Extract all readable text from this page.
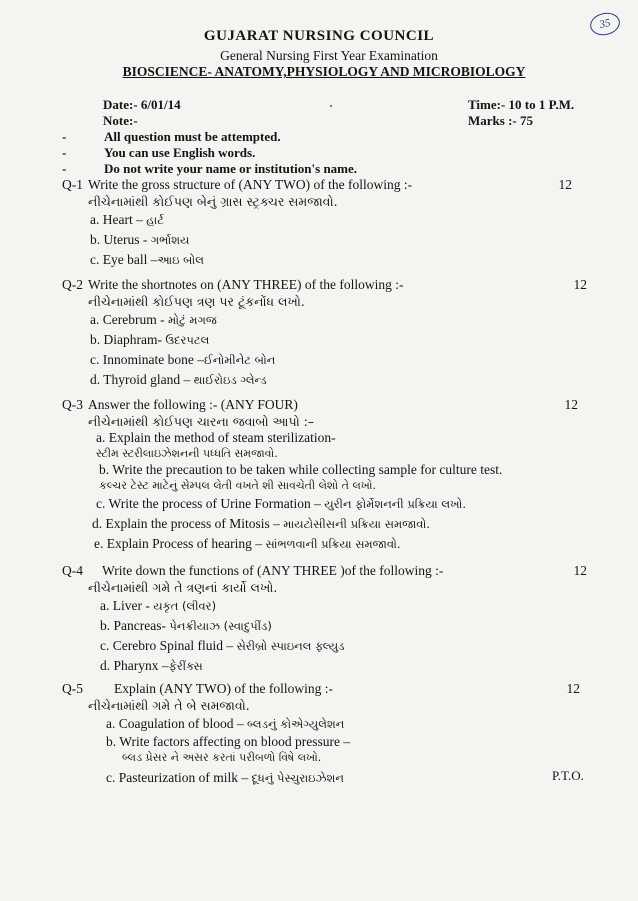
35
GUJARAT NURSING COUNCIL
General Nursing First Year Examination
BIOSCIENCE- ANATOMY,PHYSIOLOGY AND MICROBIOLOGY
Date:- 6/01/14	Time:- 10 to 1 P.M.
Note:-	Marks :- 75
-	All question must be attempted.
-	You can use English words.
-	Do not write your name or institution's name.
Q-1 Write the gross structure of (ANY TWO) of the following :-	12
નીચેનામાંથી કોઈપણ બેનું ગ્રાસ સ્ટ્રક્ચર સમજાવો.
a. Heart – હાર્ટ
b. Uterus - ગર્ભાશય
c. Eye ball –આઇ બોલ
Q-2 Write the shortnotes on (ANY THREE) of the following :-	12
નીચેનામાંથી કોઈપણ ત્રણ પર ટૂંકનોંધ લખો.
a. Cerebrum - મોટું મગજ
b. Diaphram- ઉદરપટલ
c. Innominate bone –ઈનોમીનેટ બોન
d. Thyroid gland – થાઈરોઇડ ગ્લેન્ડ
Q-3 Answer the following :- (ANY FOUR)	12
નીચેનામાંથી કોઈપણ ચારના જવાબો આપો :–
a. Explain the method of steam sterilization-
સ્ટીમ સ્ટરીલાઇઝેશનની પધ્ધતિ સમજાવો.
b. Write the precaution to be taken while collecting sample for culture test.
કલ્ચર ટેસ્ટ માટેનું સેમ્પલ લેતી વખતે શી સાવચેતી લેશો તે લખો.
c. Write the process of Urine Formation – યુરીન ફોર્મેશનની પ્રક્રિયા લખો.
d. Explain the process of Mitosis – માયટોસીસની પ્રક્રિયા સમજાવો.
e. Explain Process of hearing – સાંભળવાની પ્રક્રિયા સમજાવો.
Q-4 Write down the functions of (ANY THREE )of the following :-	12
નીચેનામાંથી ગમે તે ત્રણનાં કાર્યો લખો.
a. Liver - યકૃત (લીવર)
b. Pancreas- પેનક્રીયાઝ (સ્વાદુપીંડ)
c. Cerebro Spinal fluid – સેરીબ્રો સ્પાઇનલ ફ્લ્યુડ
d. Pharynx –ફેરીંક્સ
Q-5 Explain (ANY TWO) of the following :-	12
નીચેનામાંથી ગમે તે બે સમજાવો.
a. Coagulation of blood – બ્લડનું કોએગ્યુલેશન
b. Write factors affecting on blood pressure –
બ્લડ પ્રેસર ને અસર કરતાં પરીબળો વિષે લખો.
c. Pasteurization of milk – દૂધનું પેસ્ચુરાઇઝેશન	P.T.O.
